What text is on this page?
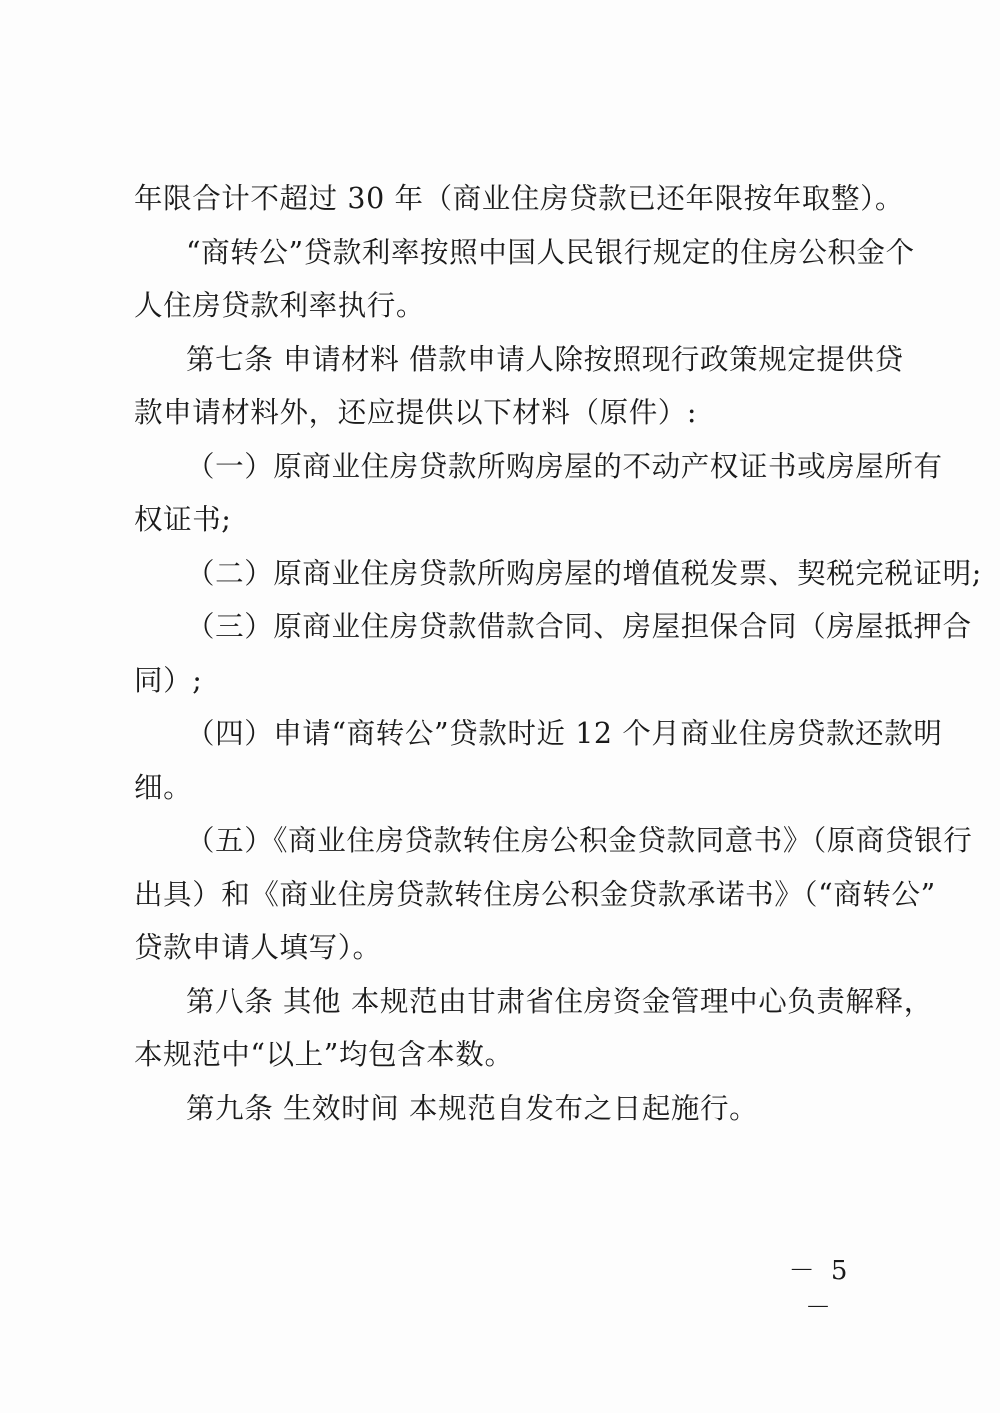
年限合计不超过 30 年（商业住房贷款已还年限按年取整）。
“商转公”贷款利率按照中国人民银行规定的住房公积金个
人住房贷款利率执行。
第七条 申请材料 借款申请人除按照现行政策规定提供贷
款申请材料外，还应提供以下材料（原件）:
（一）原商业住房贷款所购房屋的不动产权证书或房屋所有
权证书;
（二）原商业住房贷款所购房屋的增值税发票、契税完税证明;
（三）原商业住房贷款借款合同、房屋担保合同（房屋抵押合
同）;
（四）申请“商转公”贷款时近 12 个月商业住房贷款还款明
细。
（五）《商业住房贷款转住房公积金贷款同意书》（原商贷银行
出具）和《商业住房贷款转住房公积金贷款承诺书》（“商转公”
贷款申请人填写）。
第八条 其他 本规范由甘肃省住房资金管理中心负责解释，
本规范中“以上”均包含本数。
第九条 生效时间 本规范自发布之日起施行。
－ 5 －
